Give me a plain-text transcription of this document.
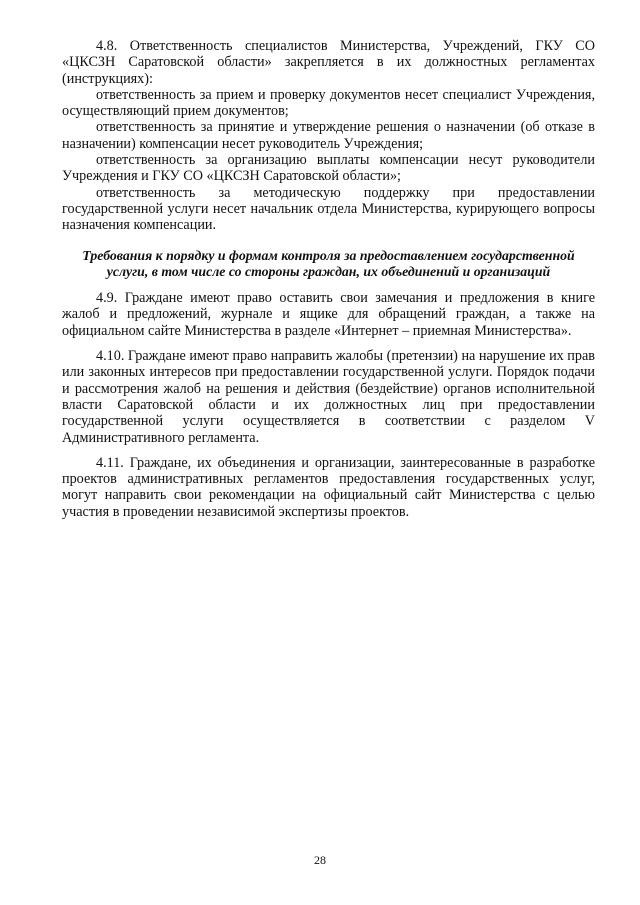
4.8. Ответственность специалистов Министерства, Учреждений, ГКУ СО «ЦКСЗН Саратовской области» закрепляется в их должностных регламентах (инструкциях):

ответственность за прием и проверку документов несет специалист Учреждения, осуществляющий прием документов;

ответственность за принятие и утверждение решения о назначении (об отказе в назначении) компенсации несет руководитель Учреждения;

ответственность за организацию выплаты компенсации несут руководители Учреждения и ГКУ СО «ЦКСЗН Саратовской области»;

ответственность за методическую поддержку при предоставлении государственной услуги несет начальник отдела Министерства, курирующего вопросы назначения компенсации.

Требования к порядку и формам контроля за предоставлением государственной услуги, в том числе со стороны граждан, их объединений и организаций

4.9. Граждане имеют право оставить свои замечания и предложения в книге жалоб и предложений, журнале и ящике для обращений граждан, а также на официальном сайте Министерства в разделе «Интернет – приемная Министерства».

4.10. Граждане имеют право направить жалобы (претензии) на нарушение их прав или законных интересов при предоставлении государственной услуги. Порядок подачи и рассмотрения жалоб на решения и действия (бездействие) органов исполнительной власти Саратовской области и их должностных лиц при предоставлении государственной услуги осуществляется в соответствии с разделом V Административного регламента.

4.11. Граждане, их объединения и организации, заинтересованные в разработке проектов административных регламентов предоставления государственных услуг, могут направить свои рекомендации на официальный сайт Министерства с целью участия в проведении независимой экспертизы проектов.

28
